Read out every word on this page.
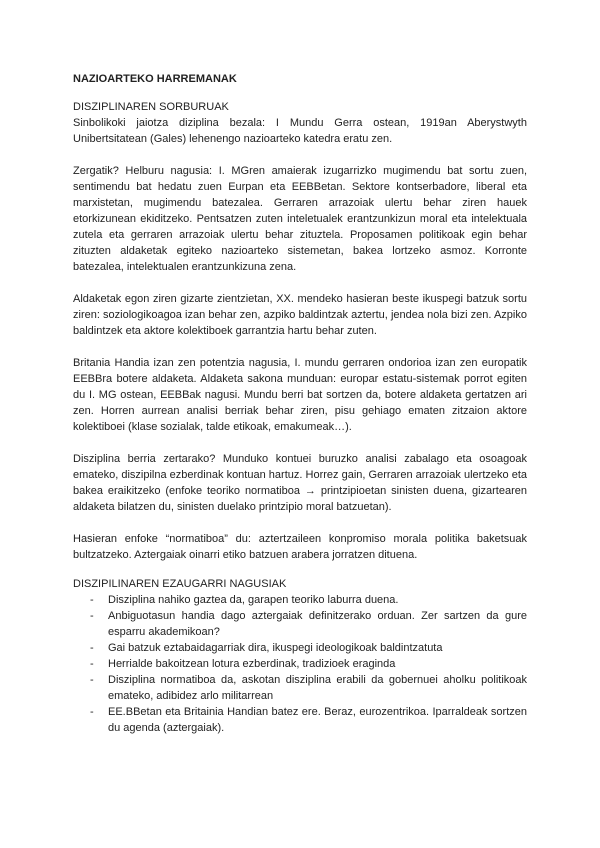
NAZIOARTEKO HARREMANAK
DISZIPLINAREN SORBURUAK

Sinbolikoki jaiotza diziplina bezala: I Mundu Gerra ostean, 1919an Aberystwyth Unibertsitatean (Gales) lehenengo nazioarteko katedra eratu zen.

Zergatik? Helburu nagusia: I. MGren amaierak izugarrizko mugimendu bat sortu zuen, sentimendu bat hedatu zuen Eurpan eta EEBBetan. Sektore kontserbadore, liberal eta marxistetan, mugimendu batezalea. Gerraren arrazoiak ulertu behar ziren hauek etorkizunean ekiditzeko. Pentsatzen zuten inteletualek erantzunkizun moral eta intelektuala zutela eta gerraren arrazoiak ulertu behar zituztela. Proposamen politikoak egin behar zituzten aldaketak egiteko nazioarteko sistemetan, bakea lortzeko asmoz. Korronte batezalea, intelektualen erantzunkizuna zena.

Aldaketak egon ziren gizarte zientzietan, XX. mendeko hasieran beste ikuspegi batzuk sortu ziren: soziologikoagoa izan behar zen, azpiko baldintzak aztertu, jendea nola bizi zen. Azpiko baldintzek eta aktore kolektiboek garrantzia hartu behar zuten.

Britania Handia izan zen potentzia nagusia, I. mundu gerraren ondorioa izan zen europatik EEBBra botere aldaketa. Aldaketa sakona munduan: europar estatu-sistemak porrot egiten du I. MG ostean, EEBBak nagusi. Mundu berri bat sortzen da, botere aldaketa gertatzen ari zen. Horren aurrean analisi berriak behar ziren, pisu gehiago ematen zitzaion aktore kolektiboei (klase sozialak, talde etikoak, emakumeak…).

Disziplina berria zertarako? Munduko kontuei buruzko analisi zabalago eta osoagoak emateko, diszipilna ezberdinak kontuan hartuz. Horrez gain, Gerraren arrazoiak ulertzeko eta bakea eraikitzeko (enfoke teoriko normatiboa → printzipioetan sinisten duena, gizartearen aldaketa bilatzen du, sinisten duelako printzipio moral batzuetan).

Hasieran enfoke “normatiboa” du: aztertzaileen konpromiso morala politika baketsuak bultzatzeko. Aztergaiak oinarri etiko batzuen arabera jorratzen dituena.

DISZIPILINAREN EZAUGARRI NAGUSIAK
- Disziplina nahiko gaztea da, garapen teoriko laburra duena.
- Anbiguotasun handia dago aztergaiak definitzerako orduan. Zer sartzen da gure esparru akademikoan?
- Gai batzuk eztabaidagarriak dira, ikuspegi ideologikoak baldintzatuta
- Herrialde bakoitzean lotura ezberdinak, tradizioek eraginda
- Disziplina normatiboa da, askotan disziplina erabili da gobernuei aholku politikoak emateko, adibidez arlo militarrean
- EE.BBetan eta Britainia Handian batez ere. Beraz, eurozentrikoa. Iparraldeak sortzen du agenda (aztergaiak).
